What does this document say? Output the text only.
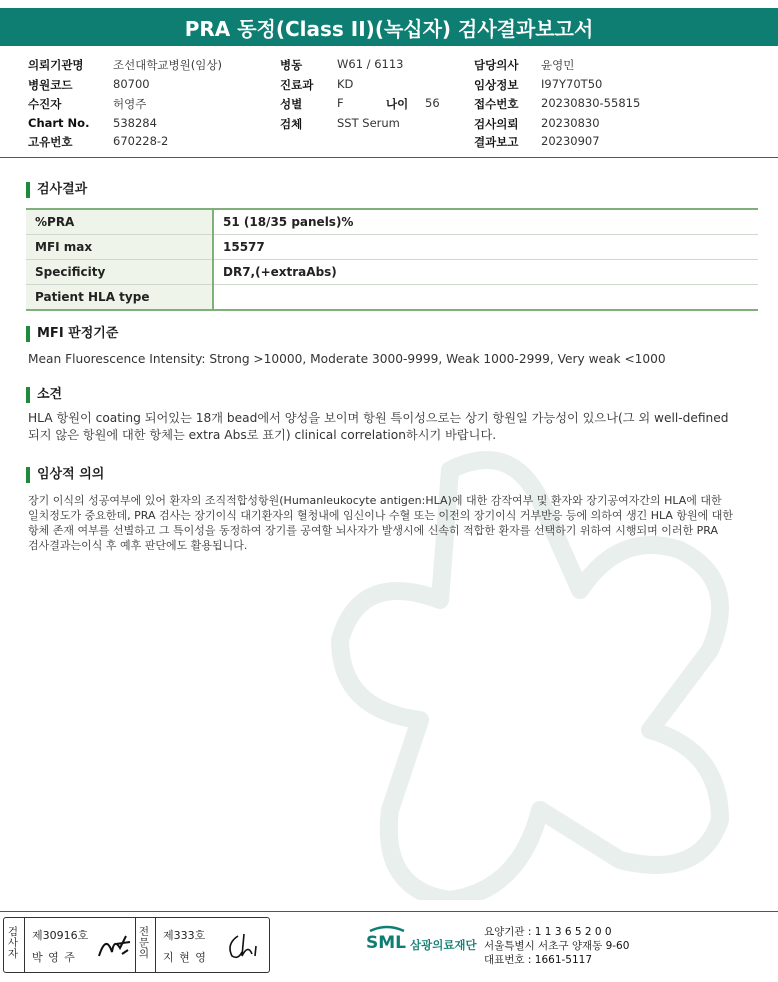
PRA 동정(Class II)(녹십자) 검사결과보고서
의뢰기관명	조선대학교병원(임상)
병원코드	80700
수진자	허영주
Chart No. 538284
고유번호	670228-2
병동	W61 / 6113
진료과 KD
성별	F	나이 56
검체	SST Serum
담당의사 윤영민
임상정보 I97Y70T50
접수번호 20230830-55815
검사의뢰 20230830
결과보고 20230907
검사결과
%PRA	51 (18/35 panels)%
MFI max	15577
Specificity	DR7,(+extraAbs)
Patient HLA type	
MFI 판정기준
Mean Fluorescence Intensity: Strong >10000, Moderate 3000-9999, Weak 1000-2999, Very weak <1000
소견
HLA 항원이 coating 되어있는 18개 bead에서 양성을 보이며 항원 특이성으로는 상기 항원일 가능성이 있으나(그 외 well-defined
되지 않은 항원에 대한 항체는 extra Abs로 표기) clinical correlation하시기 바랍니다.
임상적 의의
장기 이식의 성공여부에 있어 환자의 조직적합성항원(Humanleukocyte antigen:HLA)에 대한 감작여부 및 환자와 장기공여자간의 HLA에 대한
일치정도가 중요한데, PRA 검사는 장기이식 대기환자의 혈청내에 임신이나 수혈 또는 이전의 장기이식 거부반응 등에 의하여 생긴 HLA 항원에 대한
항체 존재 여부를 선별하고 그 특이성을 동정하여 장기를 공여할 뇌사자가 발생시에 신속히 적합한 환자를 선택하기 위하여 시행되며 이러한 PRA
검사결과는이식 후 예후 판단에도 활용됩니다.
검사자
제30916호
박 영 주
전문의
제333호
지 현 영
SML 삼광의료재단
요양기관 : 1 1 3 6 5 2 0 0
서울특별시 서초구 양재동 9-60
대표번호 : 1661-5117
